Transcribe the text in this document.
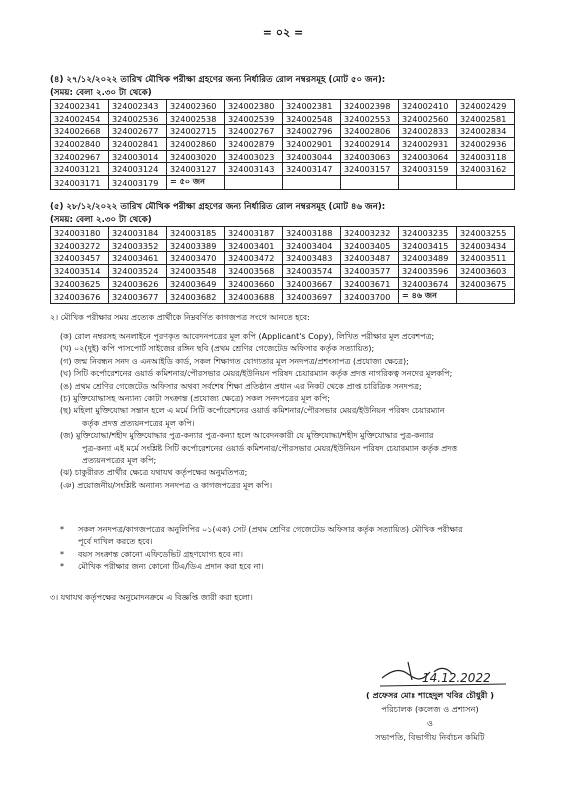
= ০২ =
(৪) ২৭/১২/২০২২ তারিখ মৌখিক পরীক্ষা গ্রহণের জন্য নির্ধারিত রোল নম্বরসমূহ (মোট ৫০ জন):
(সময়: বেলা ২.৩০ টা থেকে)
324002341	324002343	324002360	324002380	324002381	324002398	324002410	324002429
324002454	324002536	324002538	324002539	324002548	324002553	324002560	324002581
324002668	324002677	324002715	324002767	324002796	324002806	324002833	324002834
324002840	324002841	324002860	324002879	324002901	324002914	324002931	324002936
324002967	324003014	324003020	324003023	324003044	324003063	324003064	324003118
324003121	324003124	324003127	324003143	324003147	324003157	324003159	324003162
324003171	324003179	= ৫০ জন					
(৫) ২৮/১২/২০২২ তারিখ মৌখিক পরীক্ষা গ্রহণের জন্য নির্ধারিত রোল নম্বরসমূহ (মোট ৪৬ জন):
(সময়: বেলা ২.৩০ টা থেকে)
324003180	324003184	324003185	324003187	324003188	324003232	324003235	324003255
324003272	324003352	324003389	324003401	324003404	324003405	324003415	324003434
324003457	324003461	324003470	324003472	324003483	324003487	324003489	324003511
324003514	324003524	324003548	324003568	324003574	324003577	324003596	324003603
324003625	324003626	324003649	324003660	324003667	324003671	324003674	324003675
324003676	324003677	324003682	324003688	324003697	324003700	= ৪৬ জন	
২। মৌখিক পরীক্ষার সময় প্রত্যেক প্রার্থীকে নিম্নবর্ণিত কাগজপত্র সংগে আনতে হবে:
(ক) রোল নম্বরসহ অনলাইনে পূরণকৃত আবেদনপত্রের মূল কপি (Applicant's Copy), লিখিত পরীক্ষার মূল প্রবেশপত্র;
(খ) ০২(দুই) কপি পাসপোর্ট সাইজের রঙ্গিন ছবি (প্রথম শ্রেণির গেজেটেড অফিসার কর্তৃক সত্যায়িত);
(গ) জন্ম নিবন্ধন সনদ ও এনআইডি কার্ড, সকল শিক্ষাগত যোগ্যতার মূল সনদপত্র/প্রশংসাপত্র (প্রযোজ্য ক্ষেত্রে);
(ঘ) সিটি কর্পোরেশনের ওয়ার্ড কমিশনার/পৌরসভার মেয়র/ইউনিয়ন পরিষদ চেয়ারম্যান কর্তৃক প্রদত্ত নাগরিকত্ব সনদের মূলকপি;
(ঙ) প্রথম শ্রেণির গেজেটেড অফিসার অথবা সর্বশেষ শিক্ষা প্রতিষ্ঠান প্রধান এর নিকট থেকে প্রাপ্ত চারিত্রিক সনদপত্র;
(চ) মুক্তিযোদ্ধাসহ অন্যান্য কোটা সংক্রান্ত (প্রযোজ্য ক্ষেত্রে) সকল সনদপত্রের মূল কপি;
(ছ) মহিলা মুক্তিযোদ্ধা সন্তান হলে এ মর্মে সিটি কর্পোরেশনের ওয়ার্ড কমিশনার/পৌরসভার মেয়র/ইউনিয়ন পরিষদ চেয়ারম্যান
কর্তৃক প্রদত্ত প্রত্যয়নপত্রের মূল কপি।
(জ) মুক্তিযোদ্ধা/শহীদ মুক্তিযোদ্ধার পুত্র-কন্যার পুত্র-কন্যা হলে আবেদনকারী যে মুক্তিযোদ্ধা/শহীদ মুক্তিযোদ্ধার পুত্র-কন্যার
পুত্র-কন্যা এই মর্মে সংশ্লিষ্ট সিটি কর্পোরেশনের ওয়ার্ড কমিশনার/পৌরসভার মেয়র/ইউনিয়ন পরিষদ চেয়ারম্যান কর্তৃক প্রদত্ত
প্রত্যয়নপত্রের মূল কপি;
(ঝ) চাকুরীরত প্রার্থীর ক্ষেত্রে যথাযথ কর্তৃপক্ষের অনুমতিপত্র;
(ঞ) প্রয়োজনীয়/সংশ্লিষ্ট অন্যান্য সনদপত্র ও কাগজপত্রের মূল কপি।
* সকল সনদপত্র/কাগজপত্রের অনুলিপির ০১(এক) সেট (প্রথম শ্রেণির গেজেটেড অফিসার কর্তৃক সত্যায়িত) মৌখিক পরীক্ষার
পূর্বে দাখিল করতে হবে।
* বয়স সংক্রান্ত কোনো এফিডেভিট গ্রহণযোগ্য হবে না।
* মৌখিক পরীক্ষার জন্য কোনো টিএ/ডিএ প্রদান করা হবে না।
৩। যথাযথ কর্তৃপক্ষের অনুমোদনক্রমে এ বিজ্ঞপ্তি জারী করা হলো।
14.12.2022
( প্রফেসর মোঃ শাহেদুল খবির চৌধুরী )
পরিচালক (কলেজ ও প্রশাসন)
ও
সভাপতি, বিভাগীয় নির্বাচন কমিটি
